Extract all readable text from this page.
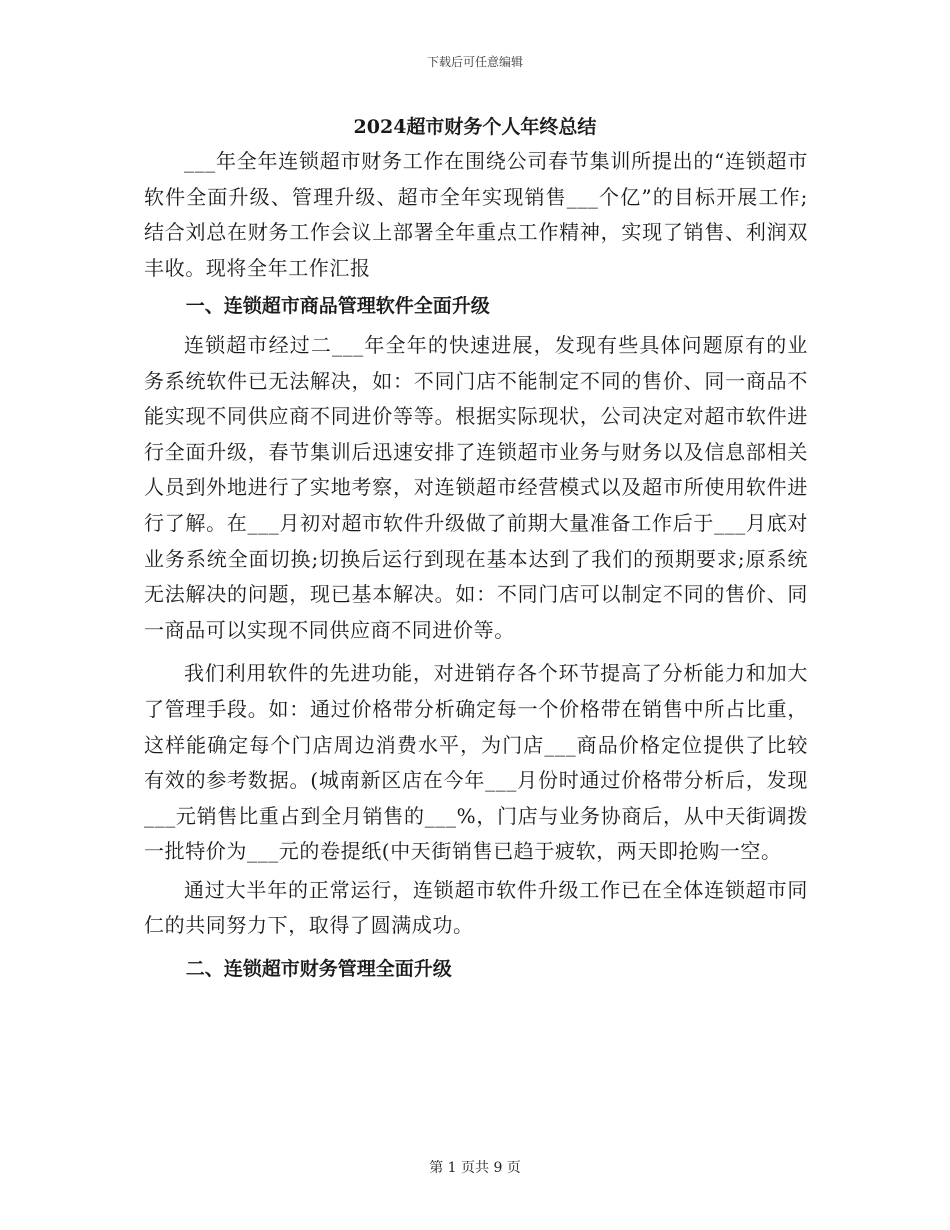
下载后可任意编辑
2024超市财务个人年终总结

___年全年连锁超市财务工作在围绕公司春节集训所提出的“连锁超市软件全面升级、管理升级、超市全年实现销售___个亿”的目标开展工作;结合刘总在财务工作会议上部署全年重点工作精神，实现了销售、利润双丰收。现将全年工作汇报

一、连锁超市商品管理软件全面升级

连锁超市经过二___年全年的快速进展，发现有些具体问题原有的业务系统软件已无法解决，如：不同门店不能制定不同的售价、同一商品不能实现不同供应商不同进价等等。根据实际现状，公司决定对超市软件进行全面升级，春节集训后迅速安排了连锁超市业务与财务以及信息部相关人员到外地进行了实地考察，对连锁超市经营模式以及超市所使用软件进行了解。在___月初对超市软件升级做了前期大量准备工作后于___月底对业务系统全面切换;切换后运行到现在基本达到了我们的预期要求;原系统无法解决的问题，现已基本解决。如：不同门店可以制定不同的售价、同一商品可以实现不同供应商不同进价等。

我们利用软件的先进功能，对进销存各个环节提高了分析能力和加大了管理手段。如：通过价格带分析确定每一个价格带在销售中所占比重，这样能确定每个门店周边消费水平，为门店___商品价格定位提供了比较有效的参考数据。(城南新区店在今年___月份时通过价格带分析后，发现___元销售比重占到全月销售的___%，门店与业务协商后，从中天街调拨一批特价为___元的卷提纸(中天街销售已趋于疲软，两天即抢购一空。

通过大半年的正常运行，连锁超市软件升级工作已在全体连锁超市同仁的共同努力下，取得了圆满成功。

二、连锁超市财务管理全面升级
第 1 页共 9 页
